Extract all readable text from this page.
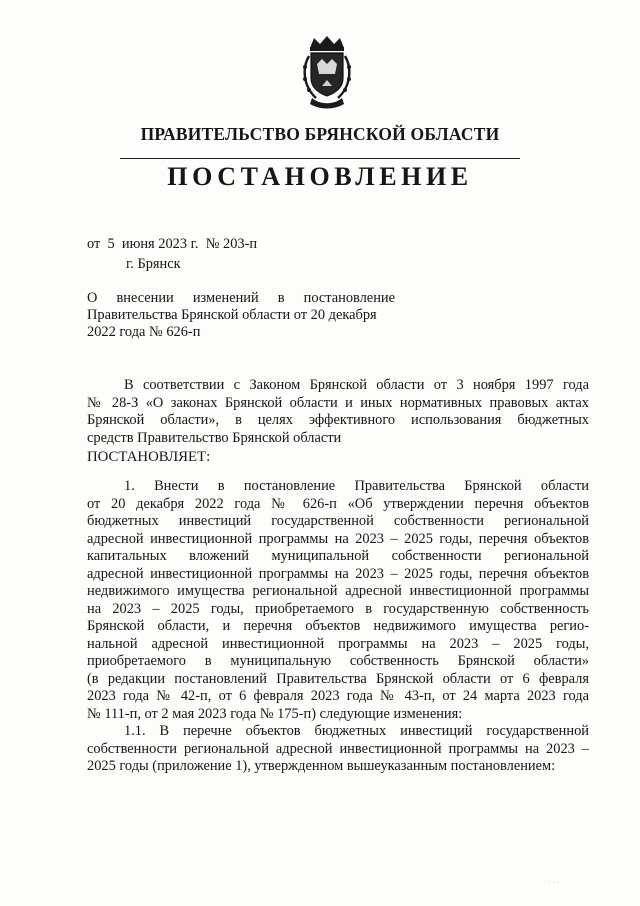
ПРАВИТЕЛЬСТВО БРЯНСКОЙ ОБЛАСТИ
ПОСТАНОВЛЕНИЕ
от  5  июня 2023 г.  № 203-п
г. Брянск
О внесении изменений в постановление
Правительства Брянской области от 20 декабря
2022 года № 626-п
В соответствии с Законом Брянской области от 3 ноября 1997 года
№ 28-З «О законах Брянской области и иных нормативных правовых актах
Брянской области», в целях эффективного использования бюджетных
средств Правительство Брянской области
ПОСТАНОВЛЯЕТ:
1. Внести в постановление Правительства Брянской области
от 20 декабря 2022 года № 626-п «Об утверждении перечня объектов
бюджетных инвестиций государственной собственности региональной
адресной инвестиционной программы на 2023 – 2025 годы, перечня объектов
капитальных вложений муниципальной собственности региональной
адресной инвестиционной программы на 2023 – 2025 годы, перечня объектов
недвижимого имущества региональной адресной инвестиционной программы
на 2023 – 2025 годы, приобретаемого в государственную собственность
Брянской области, и перечня объектов недвижимого имущества регио-
нальной адресной инвестиционной программы на 2023 – 2025 годы,
приобретаемого в муниципальную собственность Брянской области»
(в редакции постановлений Правительства Брянской области от 6 февраля
2023 года № 42-п, от 6 февраля 2023 года № 43-п, от 24 марта 2023 года
№ 111-п, от 2 мая 2023 года № 175-п) следующие изменения:
1.1. В перечне объектов бюджетных инвестиций государственной
собственности региональной адресной инвестиционной программы на 2023 –
2025 годы (приложение 1), утвержденном вышеуказанным постановлением:
· · ·
